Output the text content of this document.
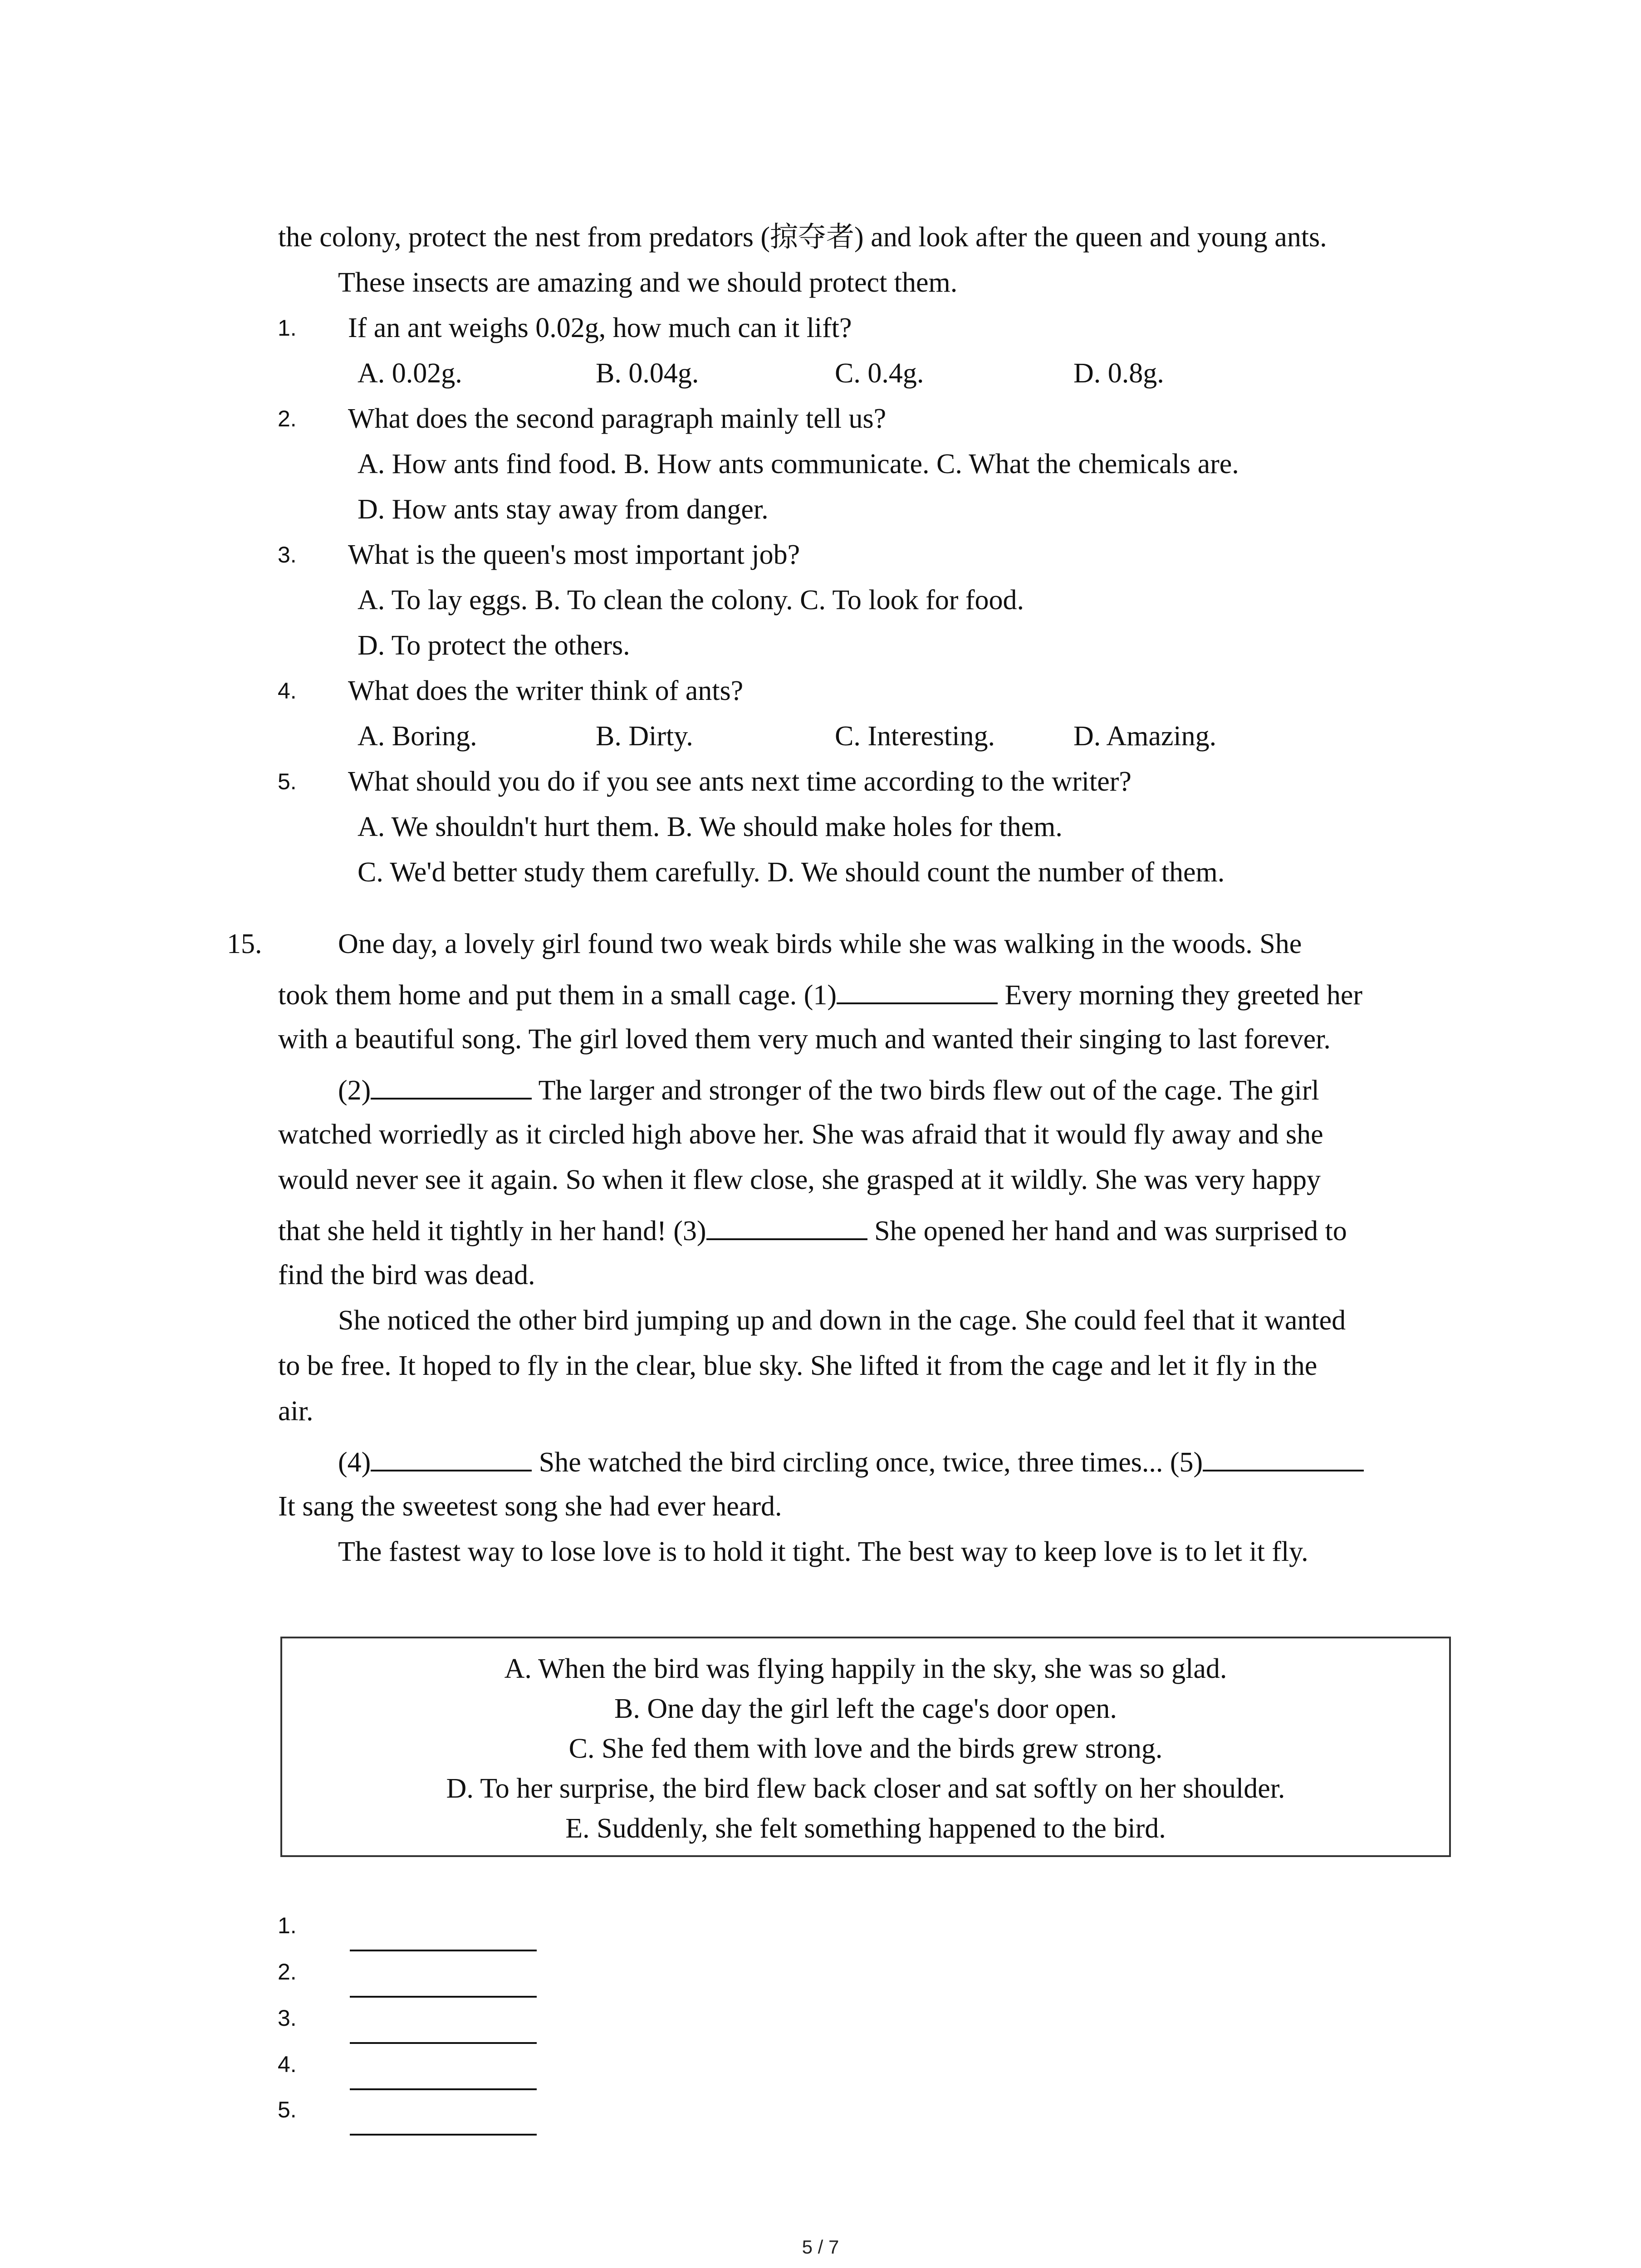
the colony, protect the nest from predators (掠夺者) and look after the queen and young ants.
These insects are amazing and we should protect them.
1. If an ant weighs 0.02g, how much can it lift?
A. 0.02g.	B. 0.04g.	C. 0.4g.	D. 0.8g.
2. What does the second paragraph mainly tell us?
A. How ants find food. B. How ants communicate. C. What the chemicals are.
D. How ants stay away from danger.
3. What is the queen's most important job?
A. To lay eggs. B. To clean the colony. C. To look for food.
D. To protect the others.
4. What does the writer think of ants?
A. Boring.	B. Dirty.	C. Interesting.	D. Amazing.
5. What should you do if you see ants next time according to the writer?
A. We shouldn't hurt them. B. We should make holes for them.
C. We'd better study them carefully. D. We should count the number of them.
15.	One day, a lovely girl found two weak birds while she was walking in the woods. She
took them home and put them in a small cage. (1)	Every morning they greeted her
with a beautiful song. The girl loved them very much and wanted their singing to last forever.
(2)	The larger and stronger of the two birds flew out of the cage. The girl
watched worriedly as it circled high above her. She was afraid that it would fly away and she
would never see it again. So when it flew close, she grasped at it wildly. She was very happy
that she held it tightly in her hand! (3)	She opened her hand and was surprised to
find the bird was dead.
She noticed the other bird jumping up and down in the cage. She could feel that it wanted
to be free. It hoped to fly in the clear, blue sky. She lifted it from the cage and let it fly in the
air.
(4)	She watched the bird circling once, twice, three times... (5)
It sang the sweetest song she had ever heard.
The fastest way to lose love is to hold it tight. The best way to keep love is to let it fly.
A. When the bird was flying happily in the sky, she was so glad.
B. One day the girl left the cage's door open.
C. She fed them with love and the birds grew strong.
D. To her surprise, the bird flew back closer and sat softly on her shoulder.
E. Suddenly, she felt something happened to the bird.
1.
2.
3.
4.
5.
5 / 7
